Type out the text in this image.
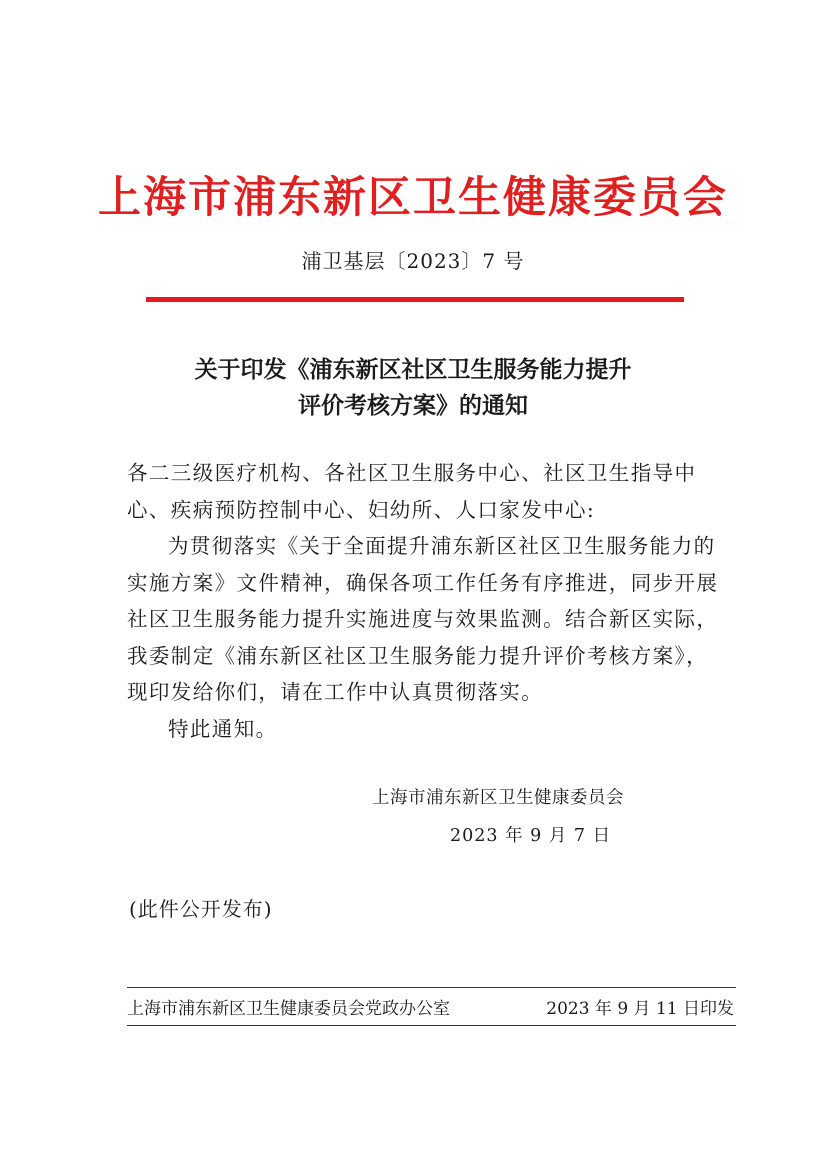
上海市浦东新区卫生健康委员会
浦卫基层〔2023〕7 号
关于印发《浦东新区社区卫生服务能力提升
评价考核方案》的通知

各二三级医疗机构、各社区卫生服务中心、社区卫生指导中心、疾病预防控制中心、妇幼所、人口家发中心:

为贯彻落实《关于全面提升浦东新区社区卫生服务能力的实施方案》文件精神，确保各项工作任务有序推进，同步开展社区卫生服务能力提升实施进度与效果监测。结合新区实际，我委制定《浦东新区社区卫生服务能力提升评价考核方案》，现印发给你们，请在工作中认真贯彻落实。

特此通知。

上海市浦东新区卫生健康委员会
2023 年 9 月 7 日
(此件公开发布)
上海市浦东新区卫生健康委员会党政办公室	2023 年 9 月 11 日印发
